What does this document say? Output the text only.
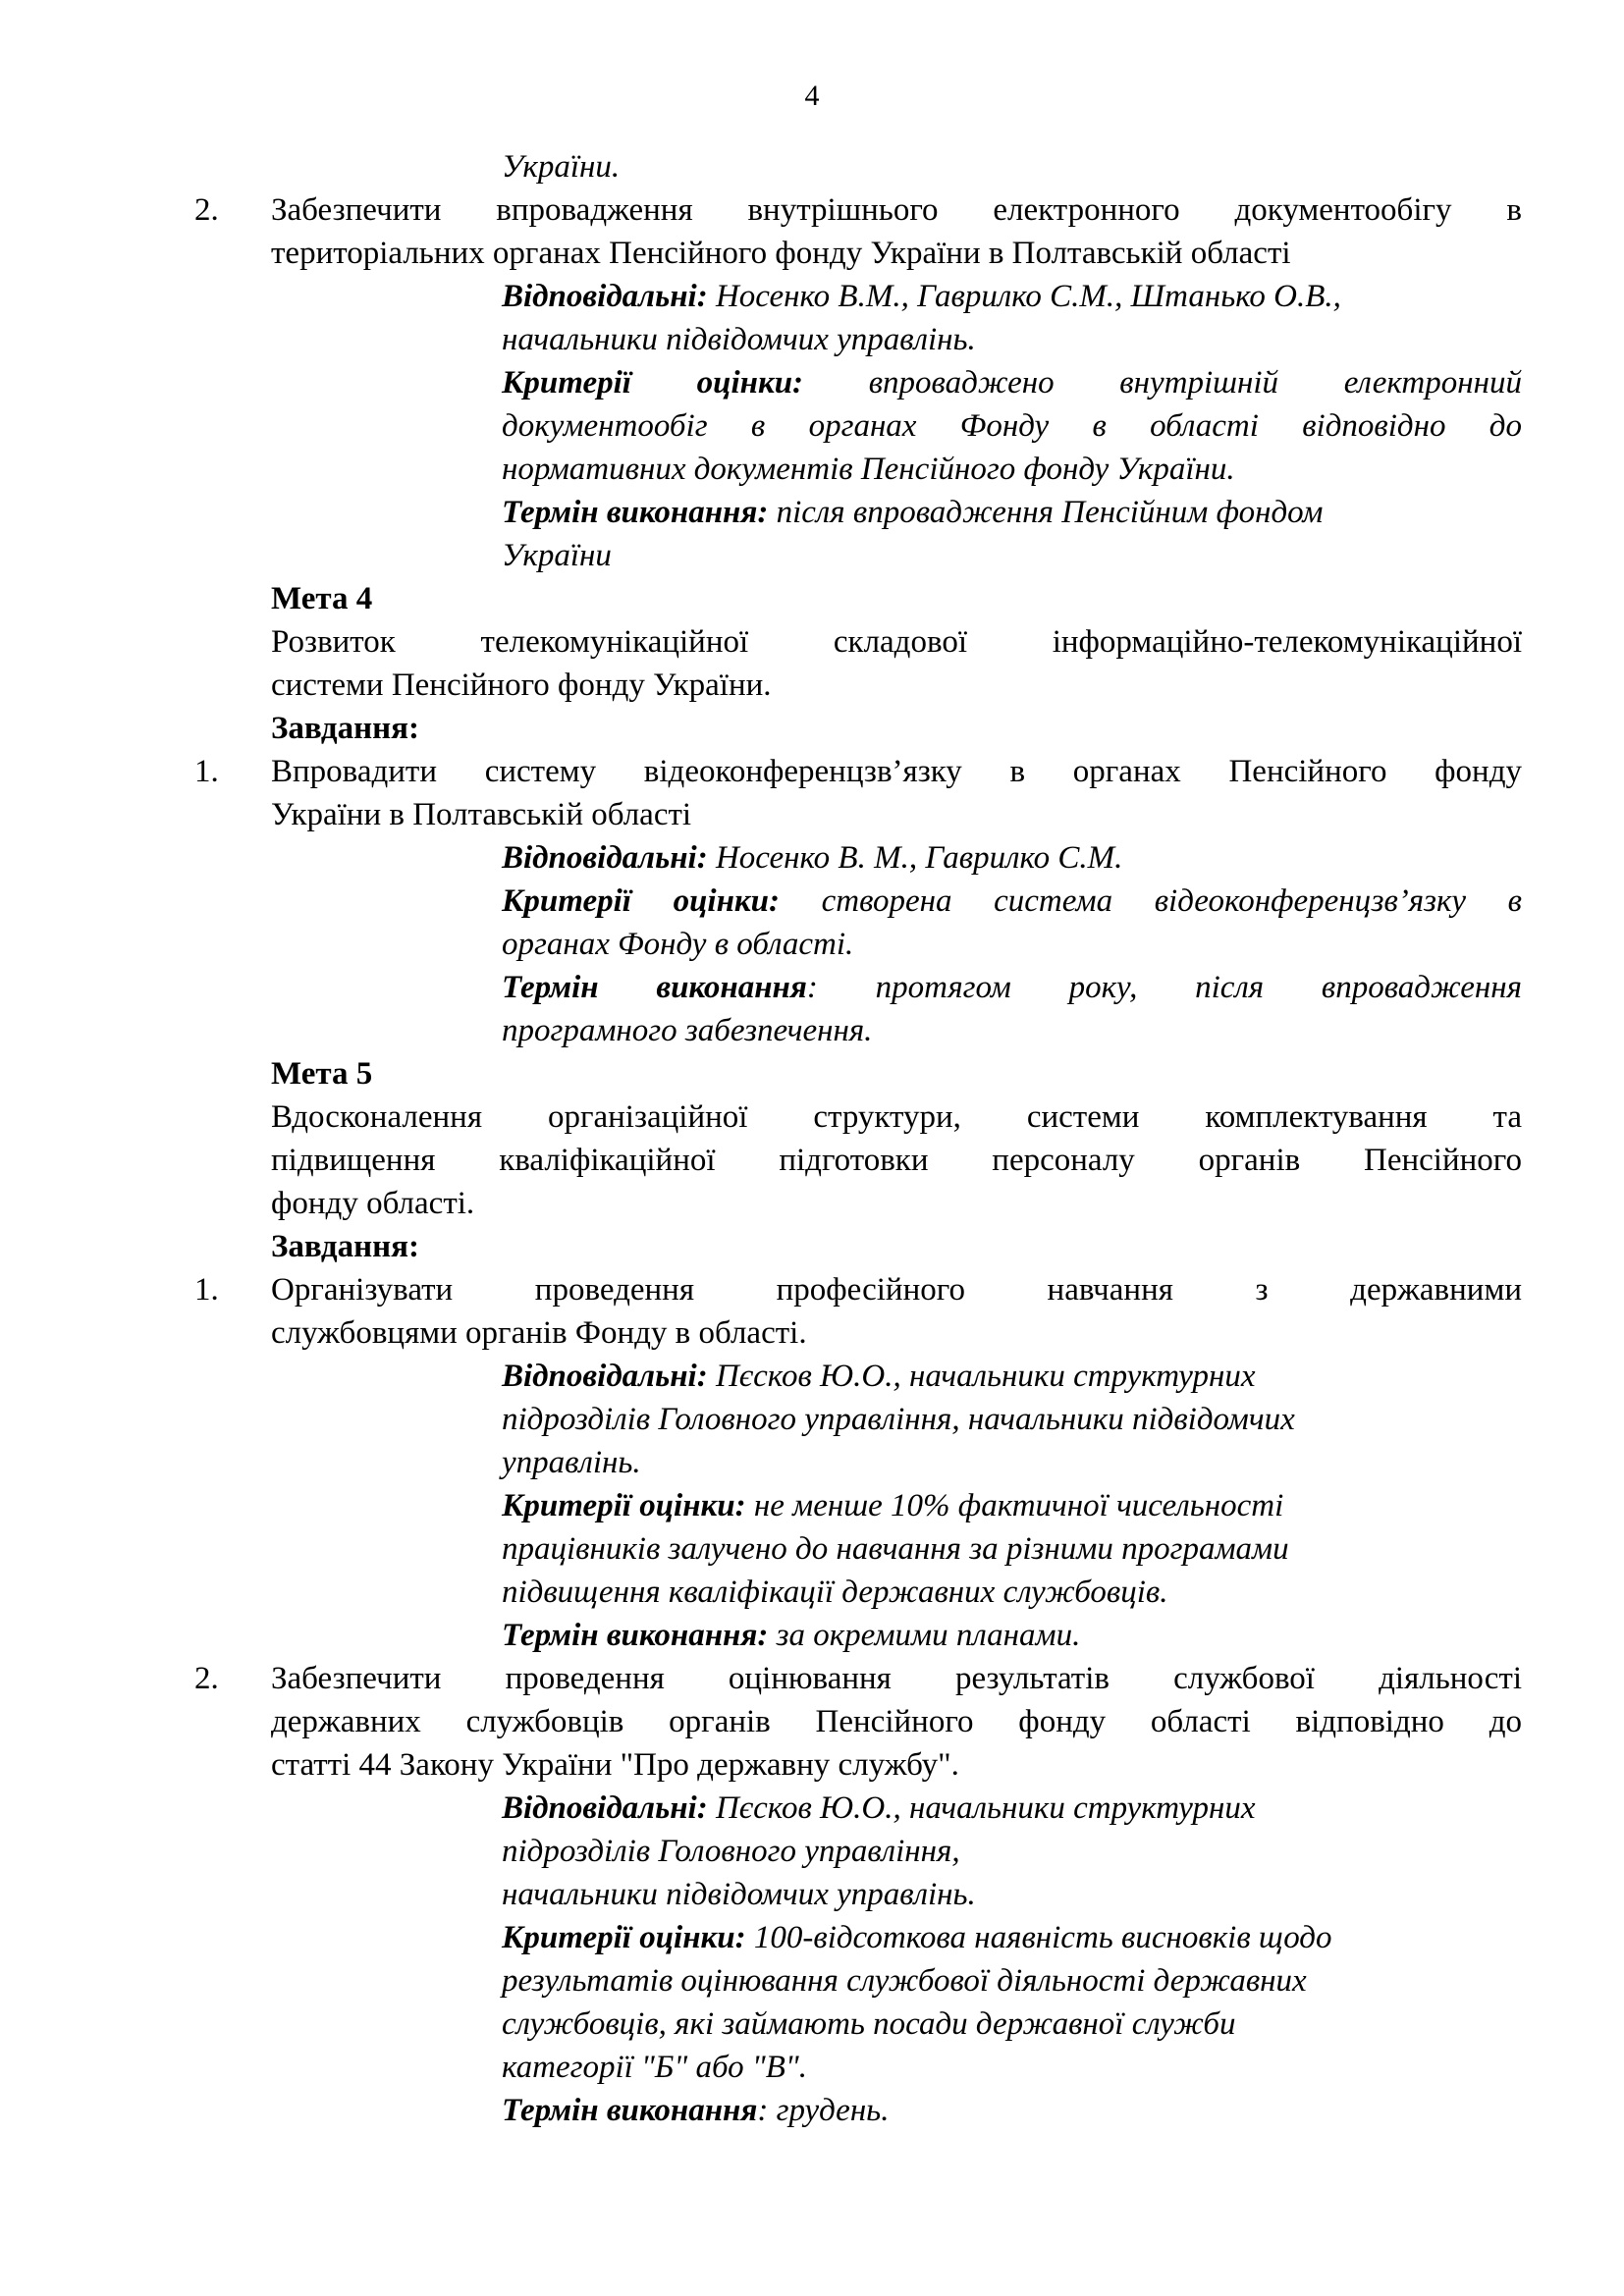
4

України.

2. Забезпечити впровадження внутрішнього електронного документообігу в

територіальних органах Пенсійного фонду України в Полтавській області

Відповідальні: Носенко В.М., Гаврилко С.М., Штанько О.В.,

начальники підвідомчих управлінь.

Критерії оцінки: впроваджено внутрішній електронний

документообіг в органах Фонду в області відповідно до

нормативних документів Пенсійного фонду України.

Термін виконання: після впровадження Пенсійним фондом

України

Мета 4

Розвиток телекомунікаційної складової інформаційно-телекомунікаційної

системи Пенсійного фонду України.

Завдання:

1. Впровадити систему відеоконференцзв’язку в органах Пенсійного фонду

України в Полтавській області

Відповідальні: Носенко В. М., Гаврилко С.М.

Критерії оцінки: створена система відеоконференцзв’язку в

органах Фонду в області.

Термін виконання: протягом року, після впровадження

програмного забезпечення.

Мета 5

Вдосконалення організаційної структури, системи комплектування та

підвищення кваліфікаційної підготовки персоналу органів Пенсійного

фонду області.

Завдання:

1. Організувати проведення професійного навчання з державними

службовцями органів Фонду в області.

Відповідальні: Пєсков Ю.О., начальники структурних

підрозділів Головного управління, начальники підвідомчих

управлінь.

Критерії оцінки: не менше 10% фактичної чисельності

працівників залучено до навчання за різними програмами

підвищення кваліфікації державних службовців.

Термін виконання: за окремими планами.

2. Забезпечити проведення оцінювання результатів службової діяльності

державних службовців органів Пенсійного фонду області відповідно до

статті 44 Закону України "Про державну службу".

Відповідальні: Пєсков Ю.О., начальники структурних

підрозділів Головного управління,

начальники підвідомчих управлінь.

Критерії оцінки: 100-відсоткова наявність висновків щодо

результатів оцінювання службової діяльності державних

службовців, які займають посади державної служби

категорії "Б" або "В".

Термін виконання: грудень.
